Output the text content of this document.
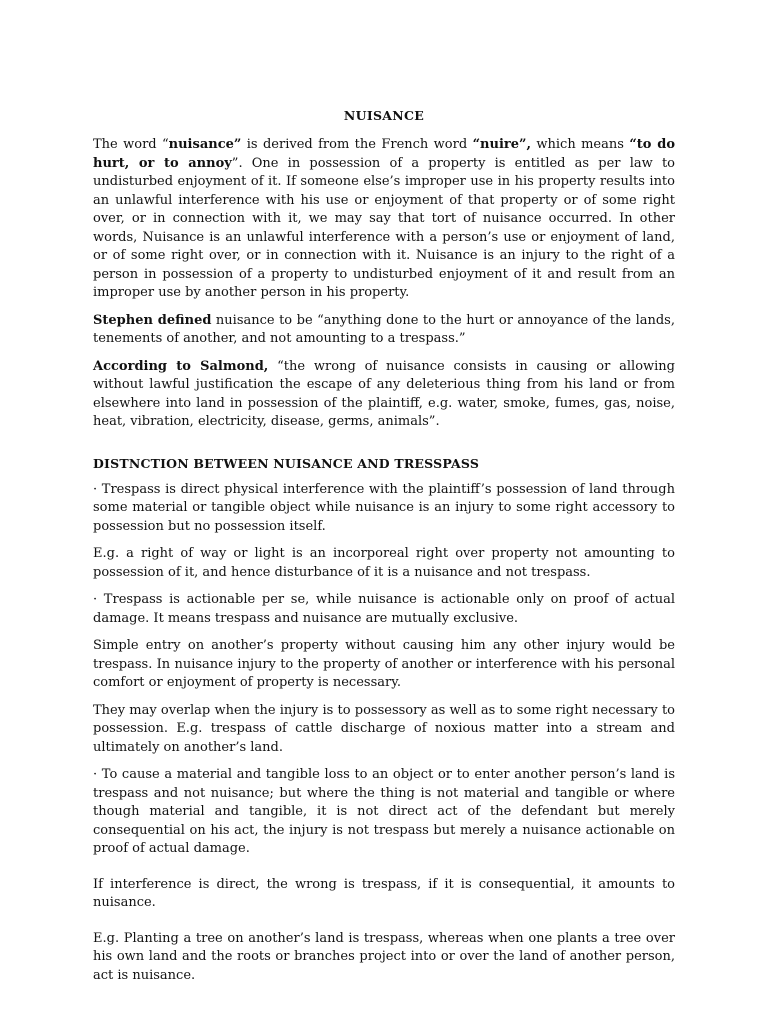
NUISANCE

The word “nuisance” is derived from the French word “nuire”, which means “to do hurt, or to annoy”. One in possession of a property is entitled as per law to undisturbed enjoyment of it. If someone else’s improper use in his property results into an unlawful interference with his use or enjoyment of that property or of some right over, or in connection with it, we may say that tort of nuisance occurred. In other words, Nuisance is an unlawful interference with a person’s use or enjoyment of land, or of some right over, or in connection with it. Nuisance is an injury to the right of a person in possession of a property to undisturbed enjoyment of it and result from an improper use by another person in his property.

Stephen defined nuisance to be “anything done to the hurt or annoyance of the lands, tenements of another, and not amounting to a trespass.”

According to Salmond, “the wrong of nuisance consists in causing or allowing without lawful justification the escape of any deleterious thing from his land or from elsewhere into land in possession of the plaintiff, e.g. water, smoke, fumes, gas, noise, heat, vibration, electricity, disease, germs, animals”.

DISTNCTION BETWEEN NUISANCE AND TRESSPASS

· Trespass is direct physical interference with the plaintiff’s possession of land through some material or tangible object while nuisance is an injury to some right accessory to possession but no possession itself.

E.g. a right of way or light is an incorporeal right over property not amounting to possession of it, and hence disturbance of it is a nuisance and not trespass.

· Trespass is actionable per se, while nuisance is actionable only on proof of actual damage. It means trespass and nuisance are mutually exclusive.

Simple entry on another’s property without causing him any other injury would be trespass. In nuisance injury to the property of another or interference with his personal comfort or enjoyment of property is necessary.

They may overlap when the injury is to possessory as well as to some right necessary to possession. E.g. trespass of cattle discharge of noxious matter into a stream and ultimately on another’s land.

· To cause a material and tangible loss to an object or to enter another person’s land is trespass and not nuisance; but where the thing is not material and tangible or where though material and tangible, it is not direct act of the defendant but merely consequential on his act, the injury is not trespass but merely a nuisance actionable on proof of actual damage.

If interference is direct, the wrong is trespass, if it is consequential, it amounts to nuisance.

E.g. Planting a tree on another’s land is trespass, whereas when one plants a tree over his own land and the roots or branches project into or over the land of another person, act is nuisance.
